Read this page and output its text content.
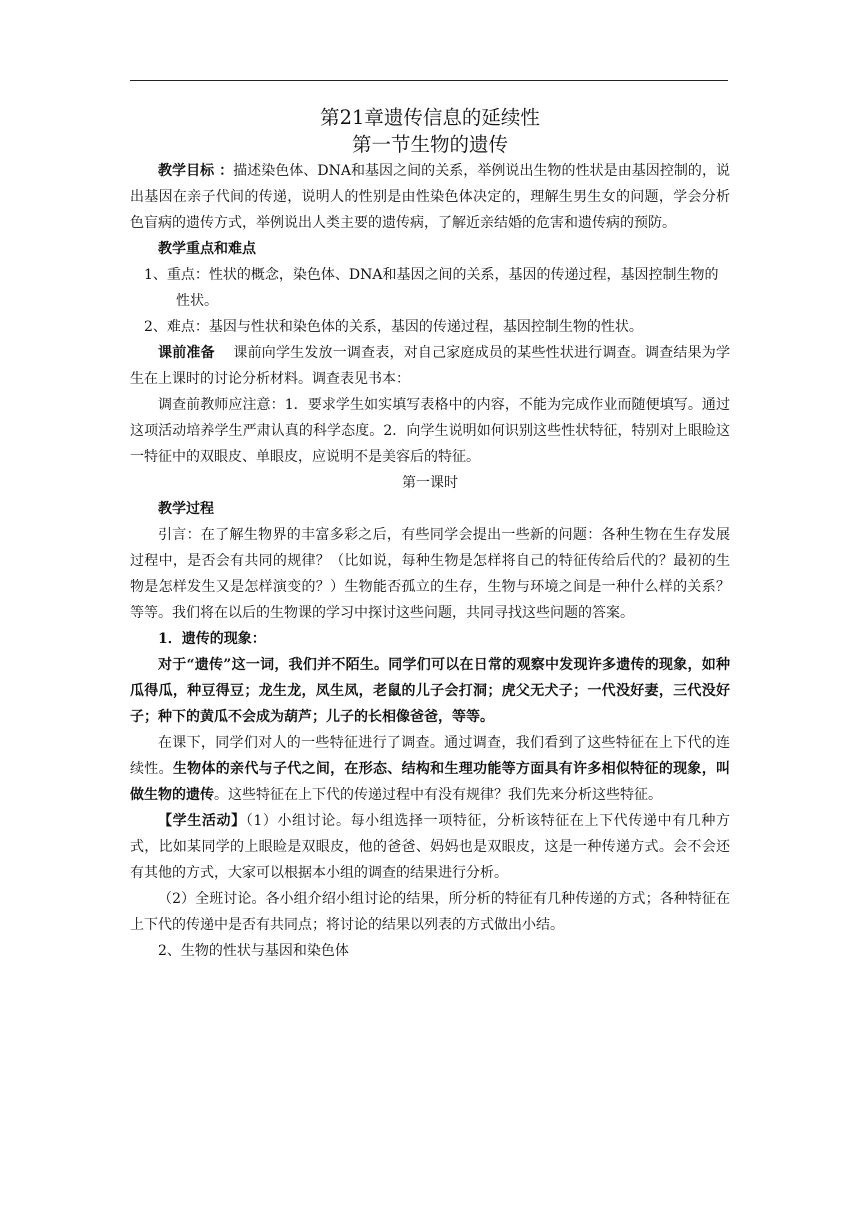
第21章遗传信息的延续性
第一节生物的遗传

教学目标 ：描述染色体、DNA和基因之间的关系，举例说出生物的性状是由基因控制的，说出基因在亲子代间的传递，说明人的性别是由性染色体决定的，理解生男生女的问题，学会分析色盲病的遗传方式，举例说出人类主要的遗传病，了解近亲结婚的危害和遗传病的预防。

教学重点和难点

1、重点：性状的概念，染色体、DNA和基因之间的关系，基因的传递过程，基因控制生物的性状。

2、难点：基因与性状和染色体的关系，基因的传递过程，基因控制生物的性状。

课前准备 课前向学生发放一调查表，对自己家庭成员的某些性状进行调查。调查结果为学生在上课时的讨论分析材料。调查表见书本：

调查前教师应注意：1．要求学生如实填写表格中的内容，不能为完成作业而随便填写。通过这项活动培养学生严肃认真的科学态度。2．向学生说明如何识别这些性状特征，特别对上眼睑这一特征中的双眼皮、单眼皮，应说明不是美容后的特征。

第一课时

教学过程

引言：在了解生物界的丰富多彩之后，有些同学会提出一些新的问题：各种生物在生存发展过程中，是否会有共同的规律？（比如说，每种生物是怎样将自己的特征传给后代的？最初的生物是怎样发生又是怎样演变的？）生物能否孤立的生存，生物与环境之间是一种什么样的关系？等等。我们将在以后的生物课的学习中探讨这些问题，共同寻找这些问题的答案。

1．遗传的现象：

对于“遗传”这一词，我们并不陌生。同学们可以在日常的观察中发现许多遗传的现象，如种瓜得瓜，种豆得豆；龙生龙，凤生凤，老鼠的儿子会打洞；虎父无犬子；一代没好妻，三代没好子；种下的黄瓜不会成为葫芦；儿子的长相像爸爸，等等。

在课下，同学们对人的一些特征进行了调查。通过调查，我们看到了这些特征在上下代的连续性。生物体的亲代与子代之间，在形态、结构和生理功能等方面具有许多相似特征的现象，叫做生物的遗传。这些特征在上下代的传递过程中有没有规律？我们先来分析这些特征。

【学生活动】（1）小组讨论。每小组选择一项特征，分析该特征在上下代传递中有几种方式，比如某同学的上眼睑是双眼皮，他的爸爸、妈妈也是双眼皮，这是一种传递方式。会不会还有其他的方式，大家可以根据本小组的调查的结果进行分析。

（2）全班讨论。各小组介绍小组讨论的结果，所分析的特征有几种传递的方式；各种特征在上下代的传递中是否有共同点；将讨论的结果以列表的方式做出小结。

2、生物的性状与基因和染色体
